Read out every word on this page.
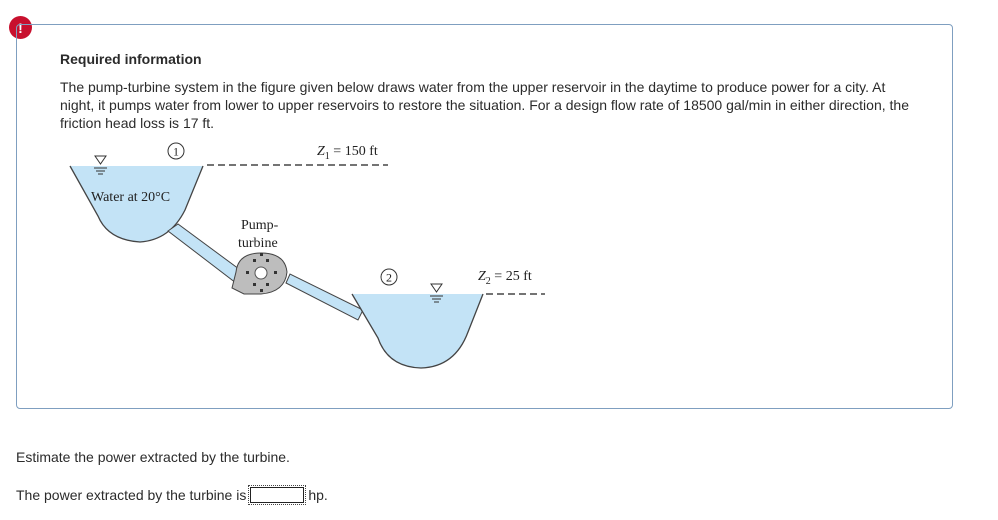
!
Required information
The pump-turbine system in the figure given below draws water from the upper reservoir in the daytime to produce power for a city. At night, it pumps water from lower to upper reservoirs to restore the situation. For a design flow rate of 18500 gal/min in either direction, the friction head loss is 17 ft.
1
2
Water at 20°C
Pump-
turbine
$Z_1 = 150$ ft
$Z_2 = 25$ ft
Estimate the power extracted by the turbine.
The power extracted by the turbine is	hp.
